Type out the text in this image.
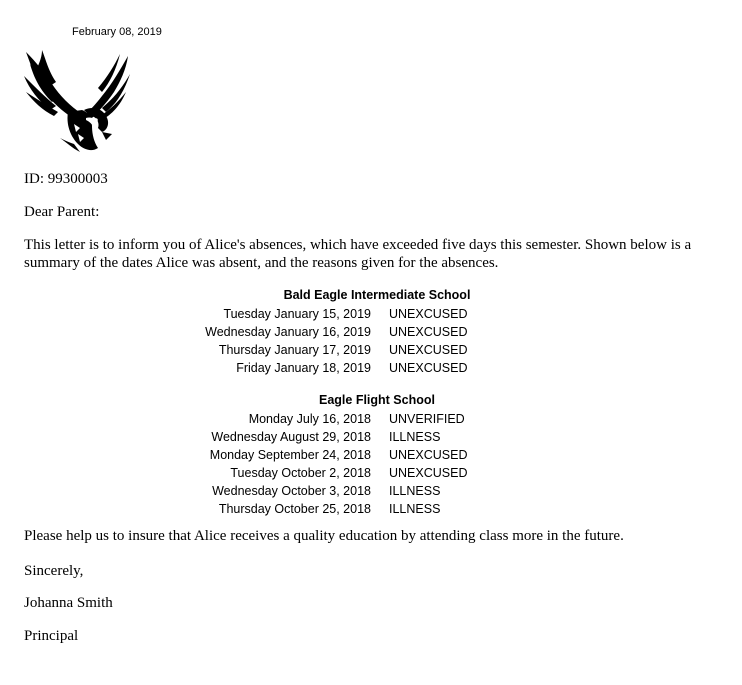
February 08, 2019
ID: 99300003
Dear Parent:
This letter is to inform you of Alice's absences, which have exceeded five days this semester. Shown below is a summary of the dates Alice was absent, and the reasons given for the absences.
Bald Eagle Intermediate School
Tuesday January 15, 2019 UNEXCUSED
Wednesday January 16, 2019 UNEXCUSED
Thursday January 17, 2019 UNEXCUSED
Friday January 18, 2019 UNEXCUSED
Eagle Flight School
Monday July 16, 2018 UNVERIFIED
Wednesday August 29, 2018 ILLNESS
Monday September 24, 2018 UNEXCUSED
Tuesday October 2, 2018 UNEXCUSED
Wednesday October 3, 2018 ILLNESS
Thursday October 25, 2018 ILLNESS
Please help us to insure that Alice receives a quality education by attending class more in the future.
Sincerely,
Johanna Smith
Principal
